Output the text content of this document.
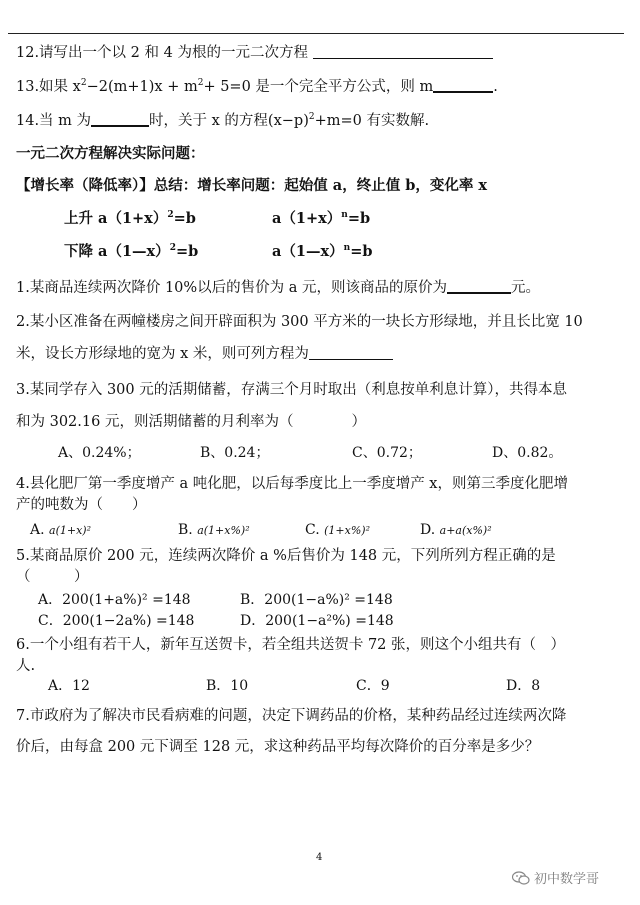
12.请写出一个以 2 和 4 为根的一元二次方程
13.如果 $x^2-2(m+1)x + m^2+ 5=0$ 是一个完全平方公式，则 m	.
14.当 m 为	时，关于 x 的方程$(x-p)^2+m=0$ 有实数解.
一元二次方程解决实际问题：
【增长率（降低率）】总结：增长率问题：起始值 a，终止值 b，变化率 x
上升 $a(1+x)^2=b$	$a(1+x)^n=b$
下降 a（1—x）$^2$=b	a（1—x）$^n$=b
1.某商品连续两次降价 10%以后的售价为 a 元，则该商品的原价为	元。
2.某小区准备在两幢楼房之间开辟面积为 300 平方米的一块长方形绿地，并且长比宽 10
米，设长方形绿地的宽为 x 米，则可列方程为
3.某同学存入 300 元的活期储蓄，存满三个月时取出（利息按单利息计算），共得本息
和为 302.16 元，则活期储蓄的月利率为（　　　　）
A、0.24%；	B、0.24；	C、0.72；	D、0.82。
4.县化肥厂第一季度增产 a 吨化肥，以后每季度比上一季度增产 x，则第三季度化肥增
产的吨数为（　　）
A. a(1+x)²	B. a(1+x%)²	C. (1+x%)²	D. a+a(x%)²
5.某商品原价 200 元，连续两次降价 a %后售价为 148 元，下列所列方程正确的是
（　　　）
A．200(1+a%)² =148	B．200(1−a%)² =148
C．200(1−2a%) =148	D．200(1−a²%) =148
6.一个小组有若干人，新年互送贺卡，若全组共送贺卡 72 张，则这个小组共有（　）
人.
A．12	B．10	C．9	D．8
7.市政府为了解决市民看病难的问题，决定下调药品的价格，某种药品经过连续两次降
价后，由每盒 200 元下调至 128 元，求这种药品平均每次降价的百分率是多少？
4
初中数学哥
